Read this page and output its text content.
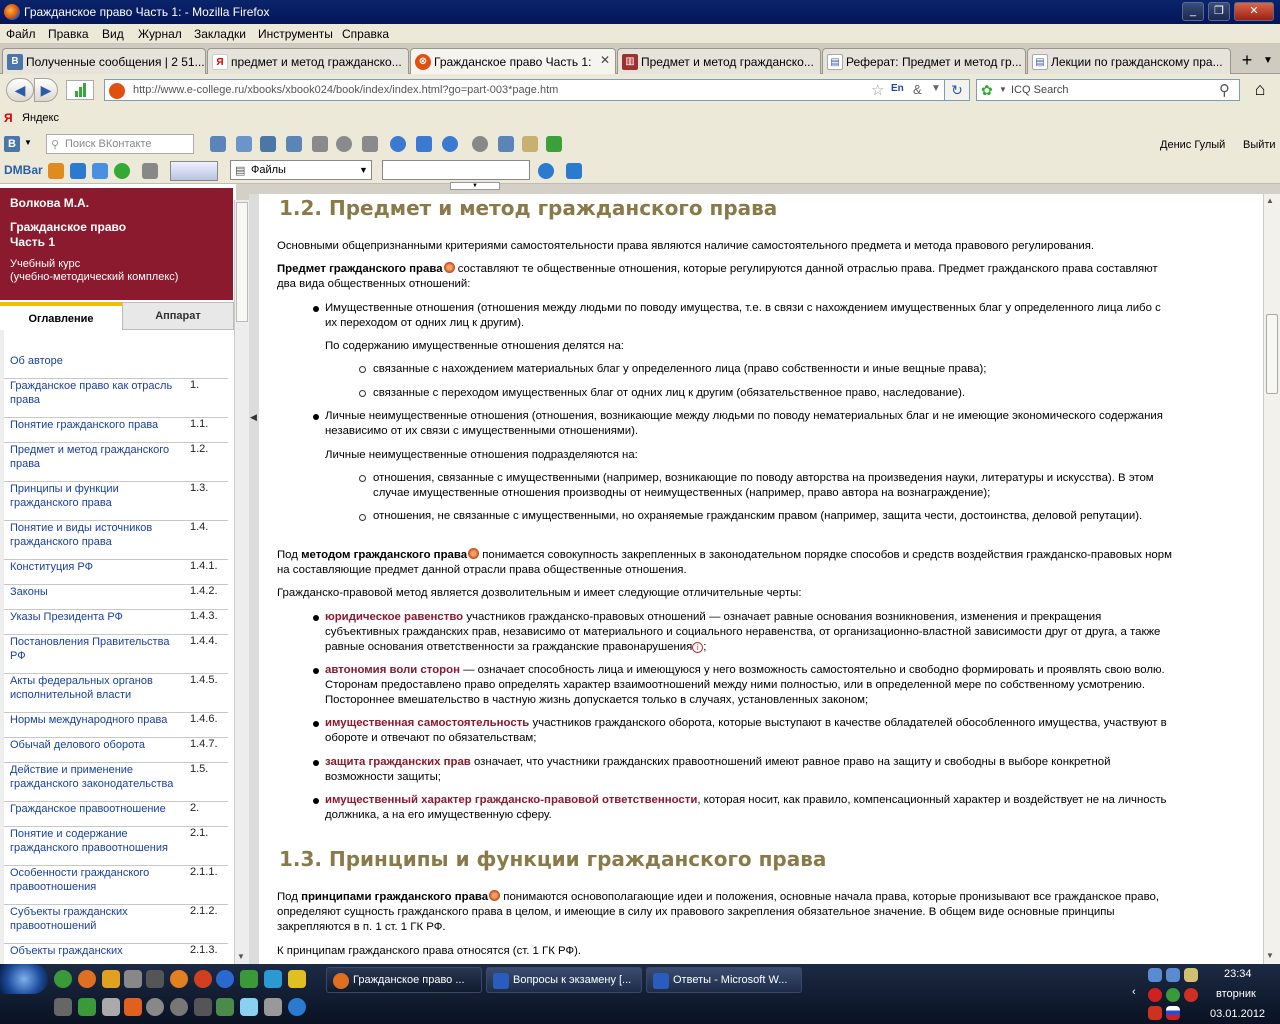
Гражданское право Часть 1: - Mozilla Firefox	_	❐	✕
Файл Правка Вид Журнал Закладки Инструменты Справка
B Полученные сообщения | 2 51...	Я предмет и метод гражданско...	⊗ Гражданское право Часть 1: ✕	▥ Предмет и метод гражданско...	▤ Реферат: Предмет и метод гр...	▤ Лекции по гражданскому пра...	+	▼
◀	▶	http://www.e-college.ru/xbooks/xbook024/book/index/index.html?go=part-003*page.htm	☆ En & ▼ ↻	✿ ▼ ICQ Search	⚲	⌂
Я Яндекс
B	▼ ⚲ Поиск ВКонтакте	Денис Гулый Выйти
DMBar	▤ Файлы	▼
▼
Волкова М.А.
Гражданское право
Часть 1
Учебный курс
(учебно-методический комплекс)
Оглавление	Аппарат
Об авторе
Гражданское право как отрасль права
1.
Понятие гражданского права	1.1.
Предмет и метод гражданского права
1.2.
Принципы и функции гражданского права
1.3.
Понятие и виды источников гражданского права
1.4.
Конституция РФ	1.4.1.
Законы	1.4.2.
Указы Президента РФ	1.4.3.
Постановления Правительства РФ
1.4.4.
Акты федеральных органов исполнительной власти
1.4.5.
Нормы международного права	1.4.6.
Обычай делового оборота	1.4.7.
Действие и применение гражданского законодательства
1.5.
Гражданское правоотношение	2.
Понятие и содержание гражданского правоотношения
2.1.
Особенности гражданского правоотношения
2.1.1.
Субъекты гражданских правоотношений
2.1.2.
Объекты гражданских	2.1.3.
▼
◀
1.2. Предмет и метод гражданского права
Основными общепризнанными критериями самостоятельности права являются наличие самостоятельного предмета и метода правового регулирования.
Предмет гражданского права составляют те общественные отношения, которые регулируются данной отраслью права. Предмет гражданского права составляют два вида общественных отношений:
Имущественные отношения (отношения между людьми по поводу имущества, т.е. в связи с нахождением имущественных благ у определенного лица либо с их переходом от одних лиц к другим).
По содержанию имущественные отношения делятся на:
связанные с нахождением материальных благ у определенного лица (право собственности и иные вещные права);
связанные с переходом имущественных благ от одних лиц к другим (обязательственное право, наследование).
Личные неимущественные отношения (отношения, возникающие между людьми по поводу нематериальных благ и не имеющие экономического содержания независимо от их связи с имущественными отношениями).
Личные неимущественные отношения подразделяются на:
отношения, связанные с имущественными (например, возникающие по поводу авторства на произведения науки, литературы и искусства). В этом случае имущественные отношения производны от неимущественных (например, право автора на вознаграждение);
отношения, не связанные с имущественными, но охраняемые гражданским правом (например, защита чести, достоинства, деловой репутации).
Под методом гражданского права понимается совокупность закрепленных в законодательном порядке способов и средств воздействия гражданско-правовых норм на составляющие предмет данной отрасли права общественные отношения.
Гражданско-правовой метод является дозволительным и имеет следующие отличительные черты:
юридическое равенство участников гражданско-правовых отношений — означает равные основания возникновения, изменения и прекращения субъективных гражданских прав, независимо от материального и социального неравенства, от организационно-властной зависимости друг от друга, а также равные основания ответственности за гражданские правонарушения i ;
автономия воли сторон — означает способность лица и имеющуюся у него возможность самостоятельно и свободно формировать и проявлять свою волю. Сторонам предоставлено право определять характер взаимоотношений между ними полностью, или в определенной мере по собственному усмотрению. Постороннее вмешательство в частную жизнь допускается только в случаях, установленных законом;
имущественная самостоятельность участников гражданского оборота, которые выступают в качестве обладателей обособленного имущества, участвуют в обороте и отвечают по обязательствам;
защита гражданских прав означает, что участники гражданских правоотношений имеют равное право на защиту и свободны в выборе конкретной возможности защиты;
имущественный характер гражданско-правовой ответственности, которая носит, как правило, компенсационный характер и воздействует не на личность должника, а на его имущественную сферу.
1.3. Принципы и функции гражданского права
Под принципами гражданского права понимаются основополагающие идеи и положения, основные начала права, которые пронизывают все гражданское право, определяют сущность гражданского права в целом, и имеющие в силу их правового закрепления обязательное значение. В общем виде основные принципы закрепляются в п. 1 ст. 1 ГК РФ.
К принципам гражданского права относятся (ст. 1 ГК РФ).
▲
▼
Гражданское право ...	Вопросы к экзамену [...	Ответы - Microsoft W...
‹
23:34
вторник
03.01.2012
